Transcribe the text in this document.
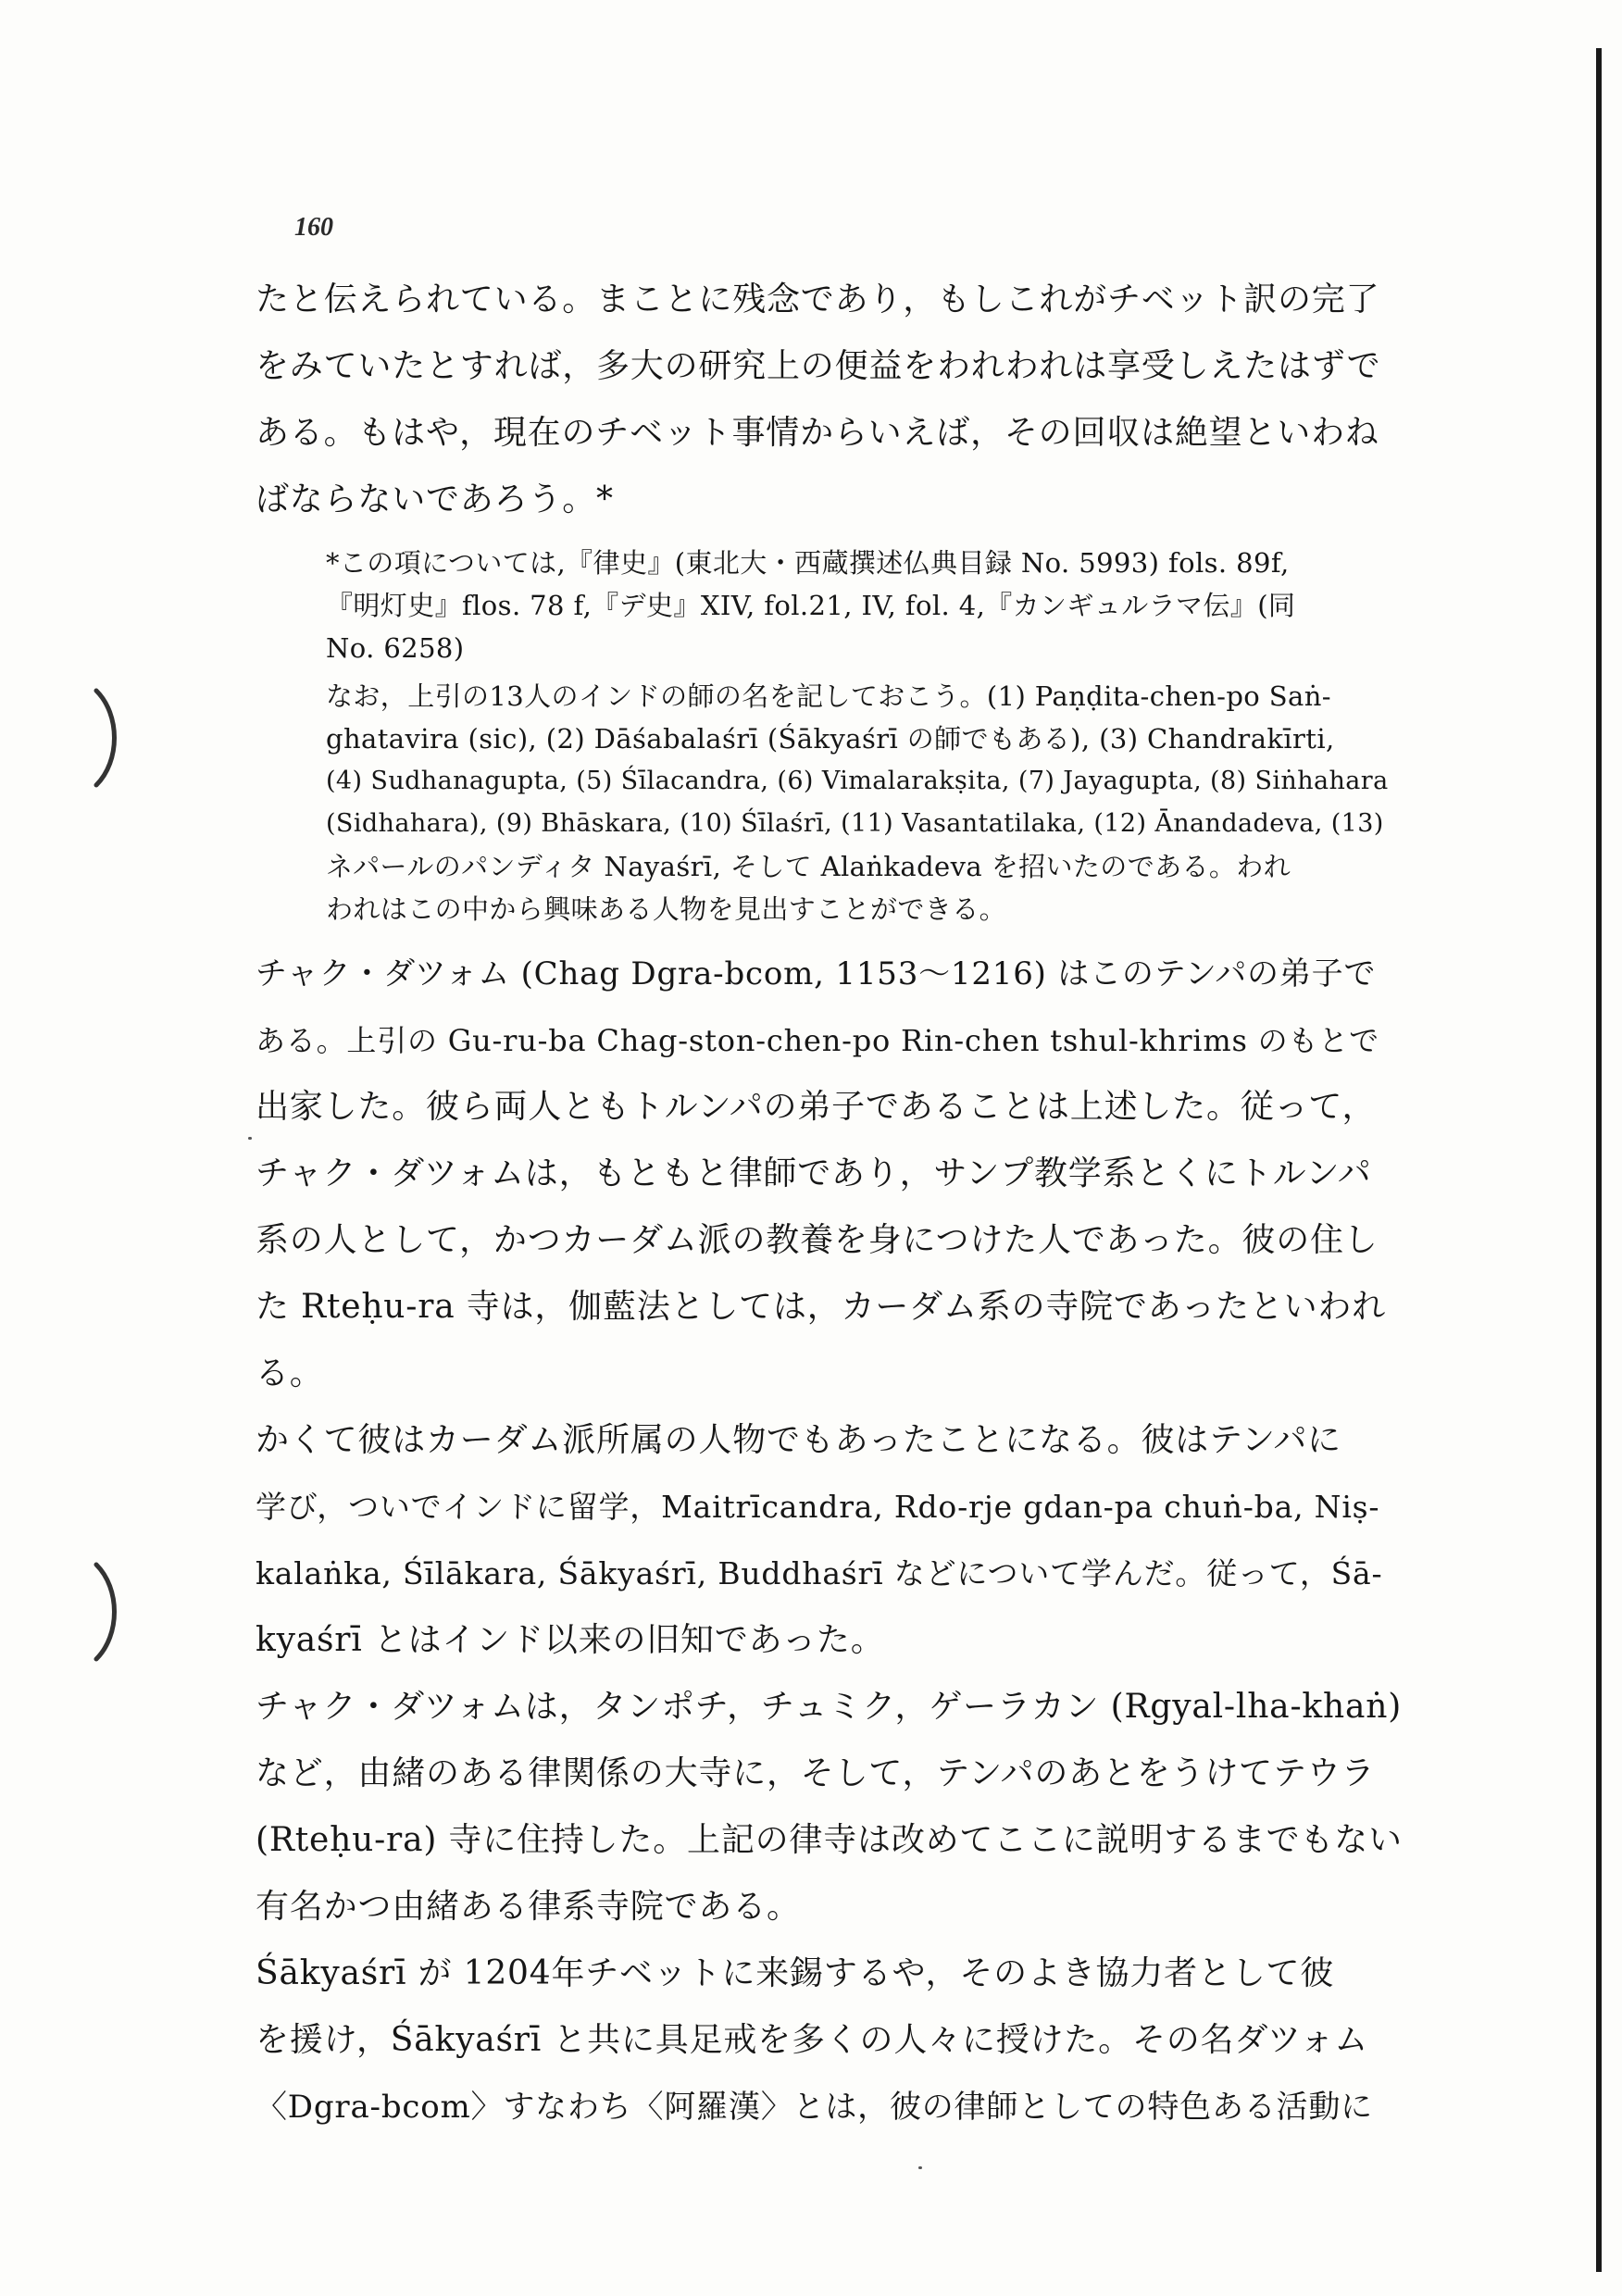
160
たと伝えられている。まことに残念であり，もしこれがチベット訳の完了
をみていたとすれば，多大の研究上の便益をわれわれは享受しえたはずで
ある。もはや，現在のチベット事情からいえば，その回収は絶望といわね
ばならないであろう。*
*この項については,『律史』(東北大・西蔵撰述仏典目録 No. 5993) fols. 89f,
『明灯史』flos. 78 f,『デ史』XIV, fol.21, IV, fol. 4,『カンギュルラマ伝』(同
No. 6258)
なお，上引の13人のインドの師の名を記しておこう。(1) Paṇḍita-chen-po Saṅ-
ghatavira (sic), (2) Dāśabalaśrī (Śākyaśrī の師でもある), (3) Chandrakīrti,
(4) Sudhanagupta, (5) Śīlacandra, (6) Vimalarakṣita, (7) Jayagupta, (8) Siṅhahara
(Sidhahara), (9) Bhāskara, (10) Śīlaśrī, (11) Vasantatilaka, (12) Ānandadeva, (13)
ネパールのパンディタ Nayaśrī, そして Alaṅkadeva を招いたのである。われ
われはこの中から興味ある人物を見出すことができる。
チャク・ダツォム (Chag Dgra-bcom, 1153〜1216) はこのテンパの弟子で
ある。上引の Gu-ru-ba Chag-ston-chen-po Rin-chen tshul-khrims のもとで
出家した。彼ら両人ともトルンパの弟子であることは上述した。従って，
チャク・ダツォムは，もともと律師であり，サンプ教学系とくにトルンパ
系の人として，かつカーダム派の教養を身につけた人であった。彼の住し
た Rteḥu-ra 寺は，伽藍法としては，カーダム系の寺院であったといわれ
る。
かくて彼はカーダム派所属の人物でもあったことになる。彼はテンパに
学び，ついでインドに留学，Maitrīcandra, Rdo-rje gdan-pa chuṅ-ba, Niṣ-
kalaṅka, Śīlākara, Śākyaśrī, Buddhaśrī などについて学んだ。従って，Śā-
kyaśrī とはインド以来の旧知であった。
チャク・ダツォムは，タンポチ，チュミク，ゲーラカン (Rgyal-lha-khaṅ)
など，由緒のある律関係の大寺に，そして，テンパのあとをうけてテウラ
(Rteḥu-ra) 寺に住持した。上記の律寺は改めてここに説明するまでもない
有名かつ由緒ある律系寺院である。
Śākyaśrī が 1204年チベットに来錫するや，そのよき協力者として彼
を援け，Śākyaśrī と共に具足戒を多くの人々に授けた。その名ダツォム
〈Dgra-bcom〉すなわち〈阿羅漢〉とは，彼の律師としての特色ある活動に
